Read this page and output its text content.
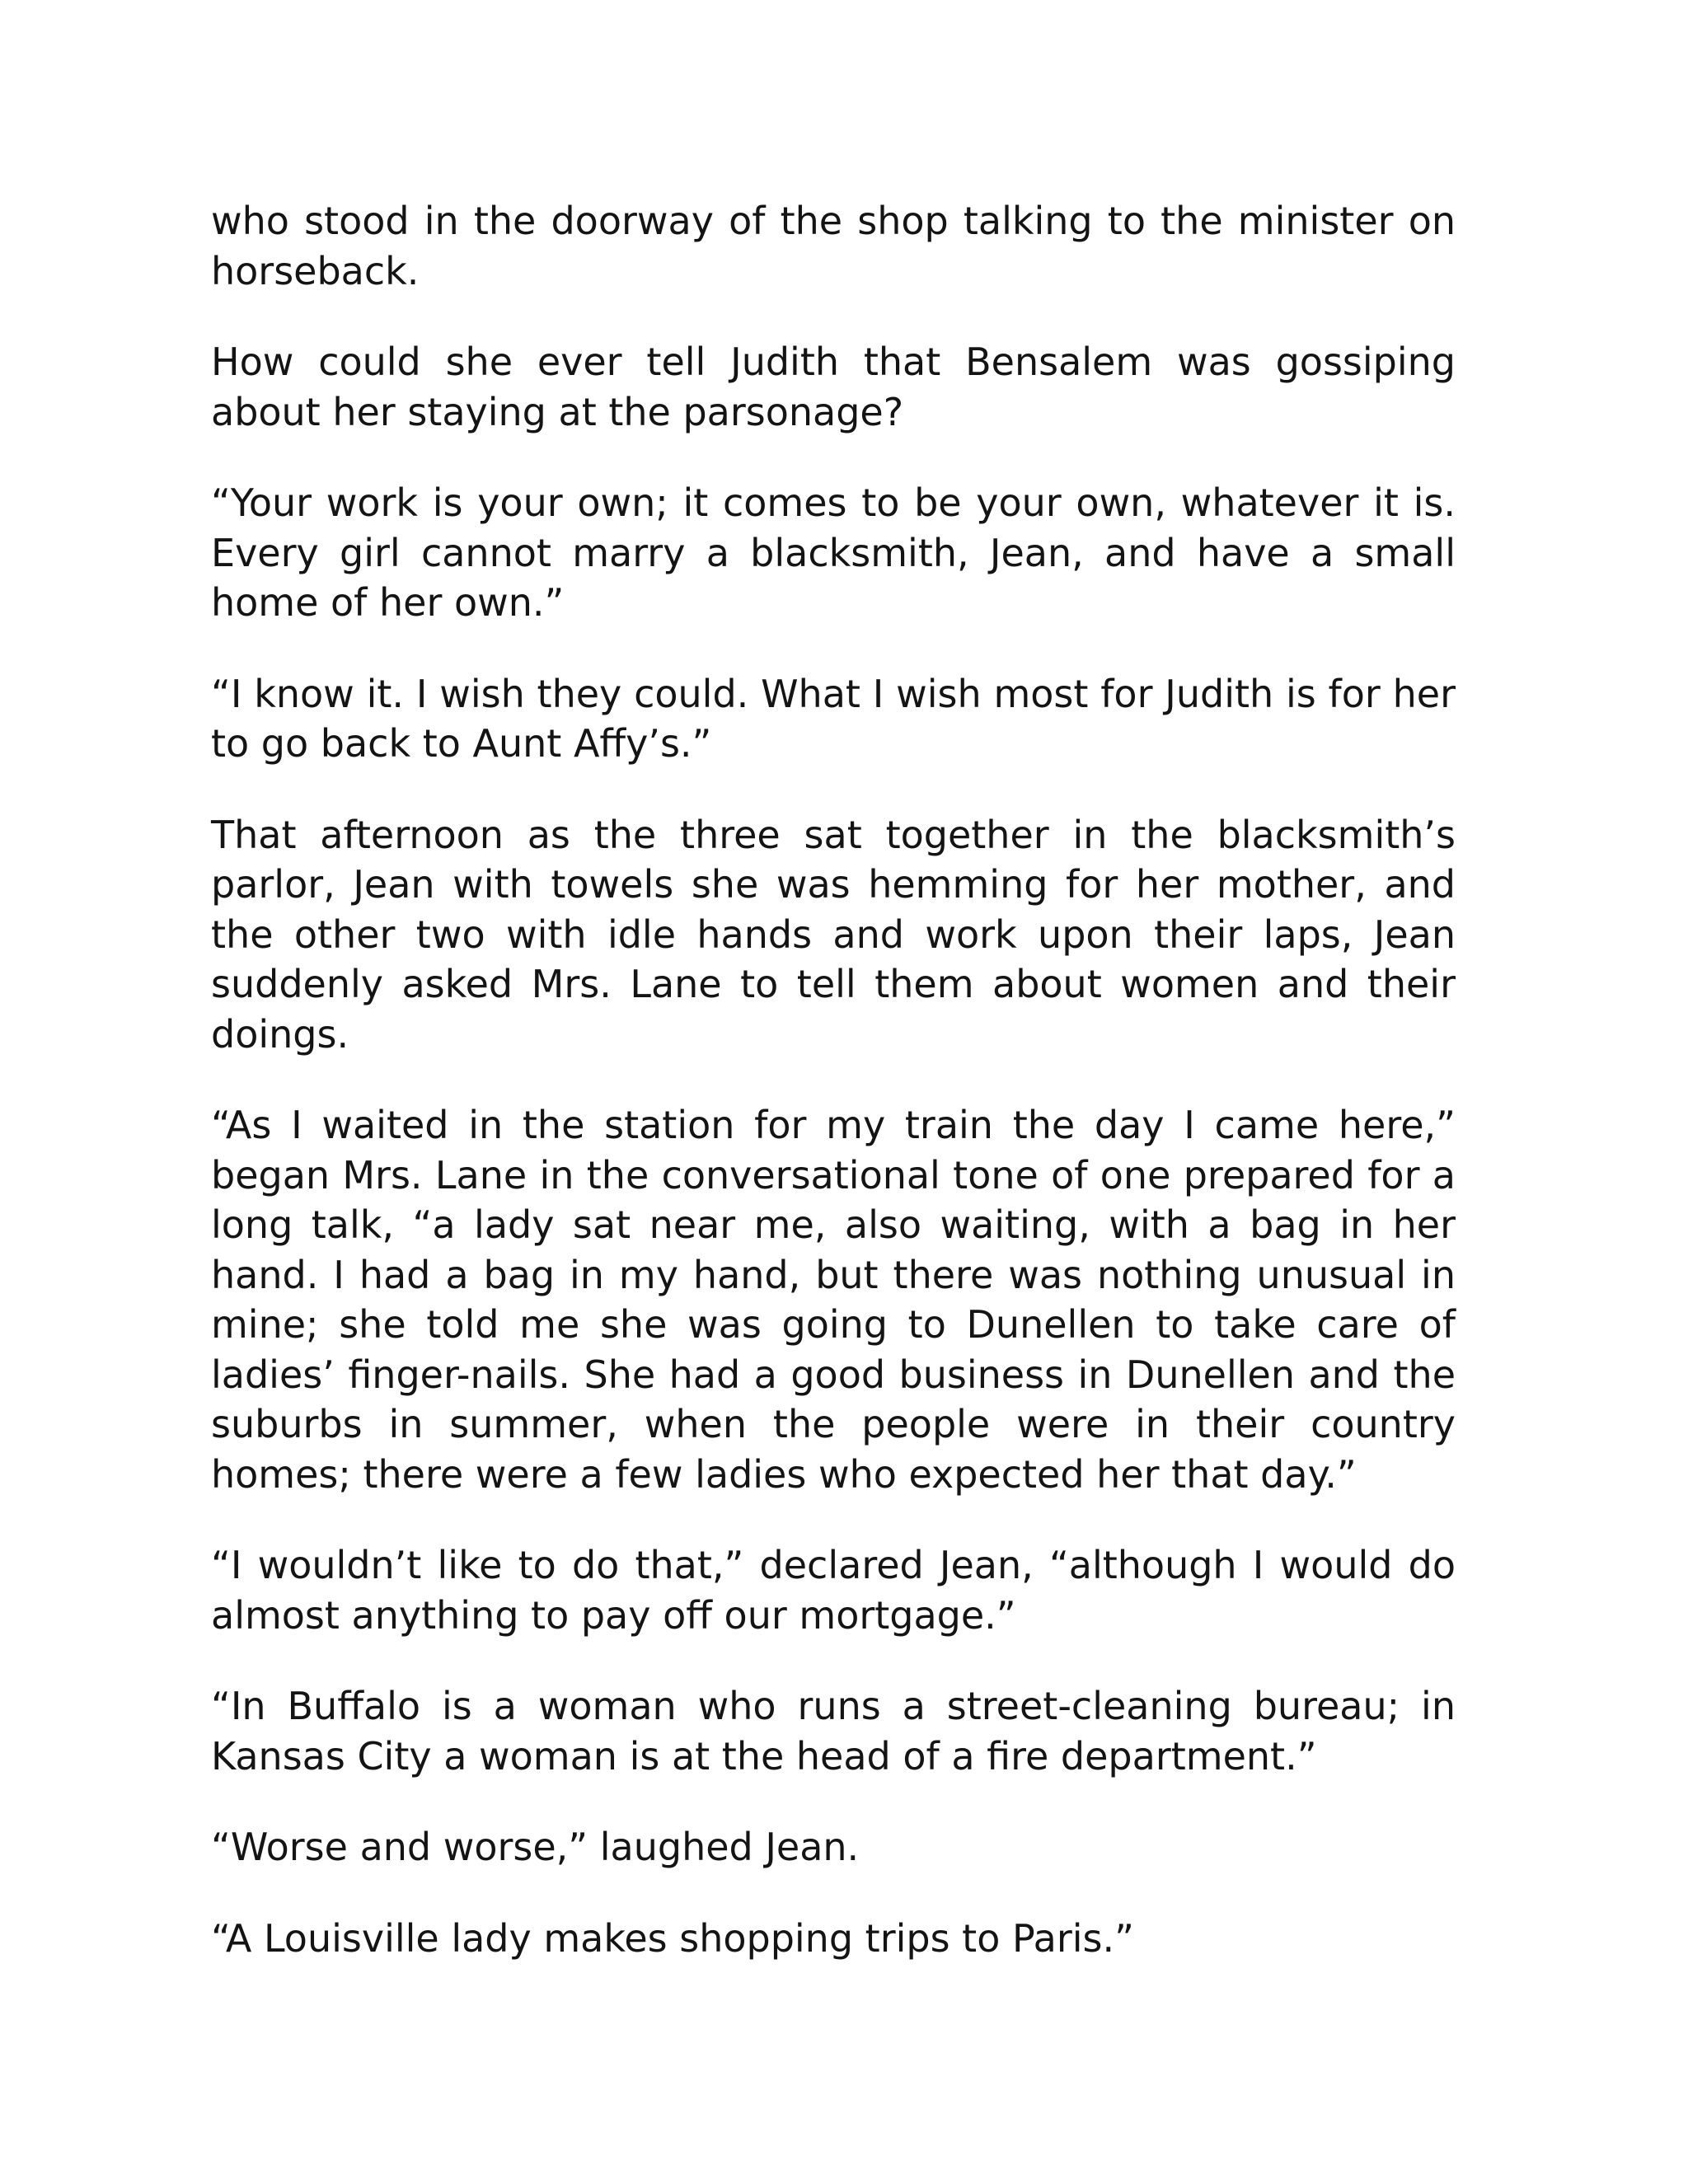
who stood in the doorway of the shop talking to the minister on horseback.

How could she ever tell Judith that Bensalem was gossiping about her staying at the parsonage?

“Your work is your own; it comes to be your own, whatever it is. Every girl cannot marry a blacksmith, Jean, and have a small home of her own.”

“I know it. I wish they could. What I wish most for Judith is for her to go back to Aunt Affy’s.”

That afternoon as the three sat together in the blacksmith’s parlor, Jean with towels she was hemming for her mother, and the other two with idle hands and work upon their laps, Jean suddenly asked Mrs. Lane to tell them about women and their doings.

“As I waited in the station for my train the day I came here,” began Mrs. Lane in the conversational tone of one prepared for a long talk, “a lady sat near me, also waiting, with a bag in her hand. I had a bag in my hand, but there was nothing unusual in mine; she told me she was going to Dunellen to take care of ladies’ finger-nails. She had a good business in Dunellen and the suburbs in summer, when the people were in their country homes; there were a few ladies who expected her that day.”

“I wouldn’t like to do that,” declared Jean, “although I would do almost anything to pay off our mortgage.”

“In Buffalo is a woman who runs a street-cleaning bureau; in Kansas City a woman is at the head of a fire department.”

“Worse and worse,” laughed Jean.

“A Louisville lady makes shopping trips to Paris.”
